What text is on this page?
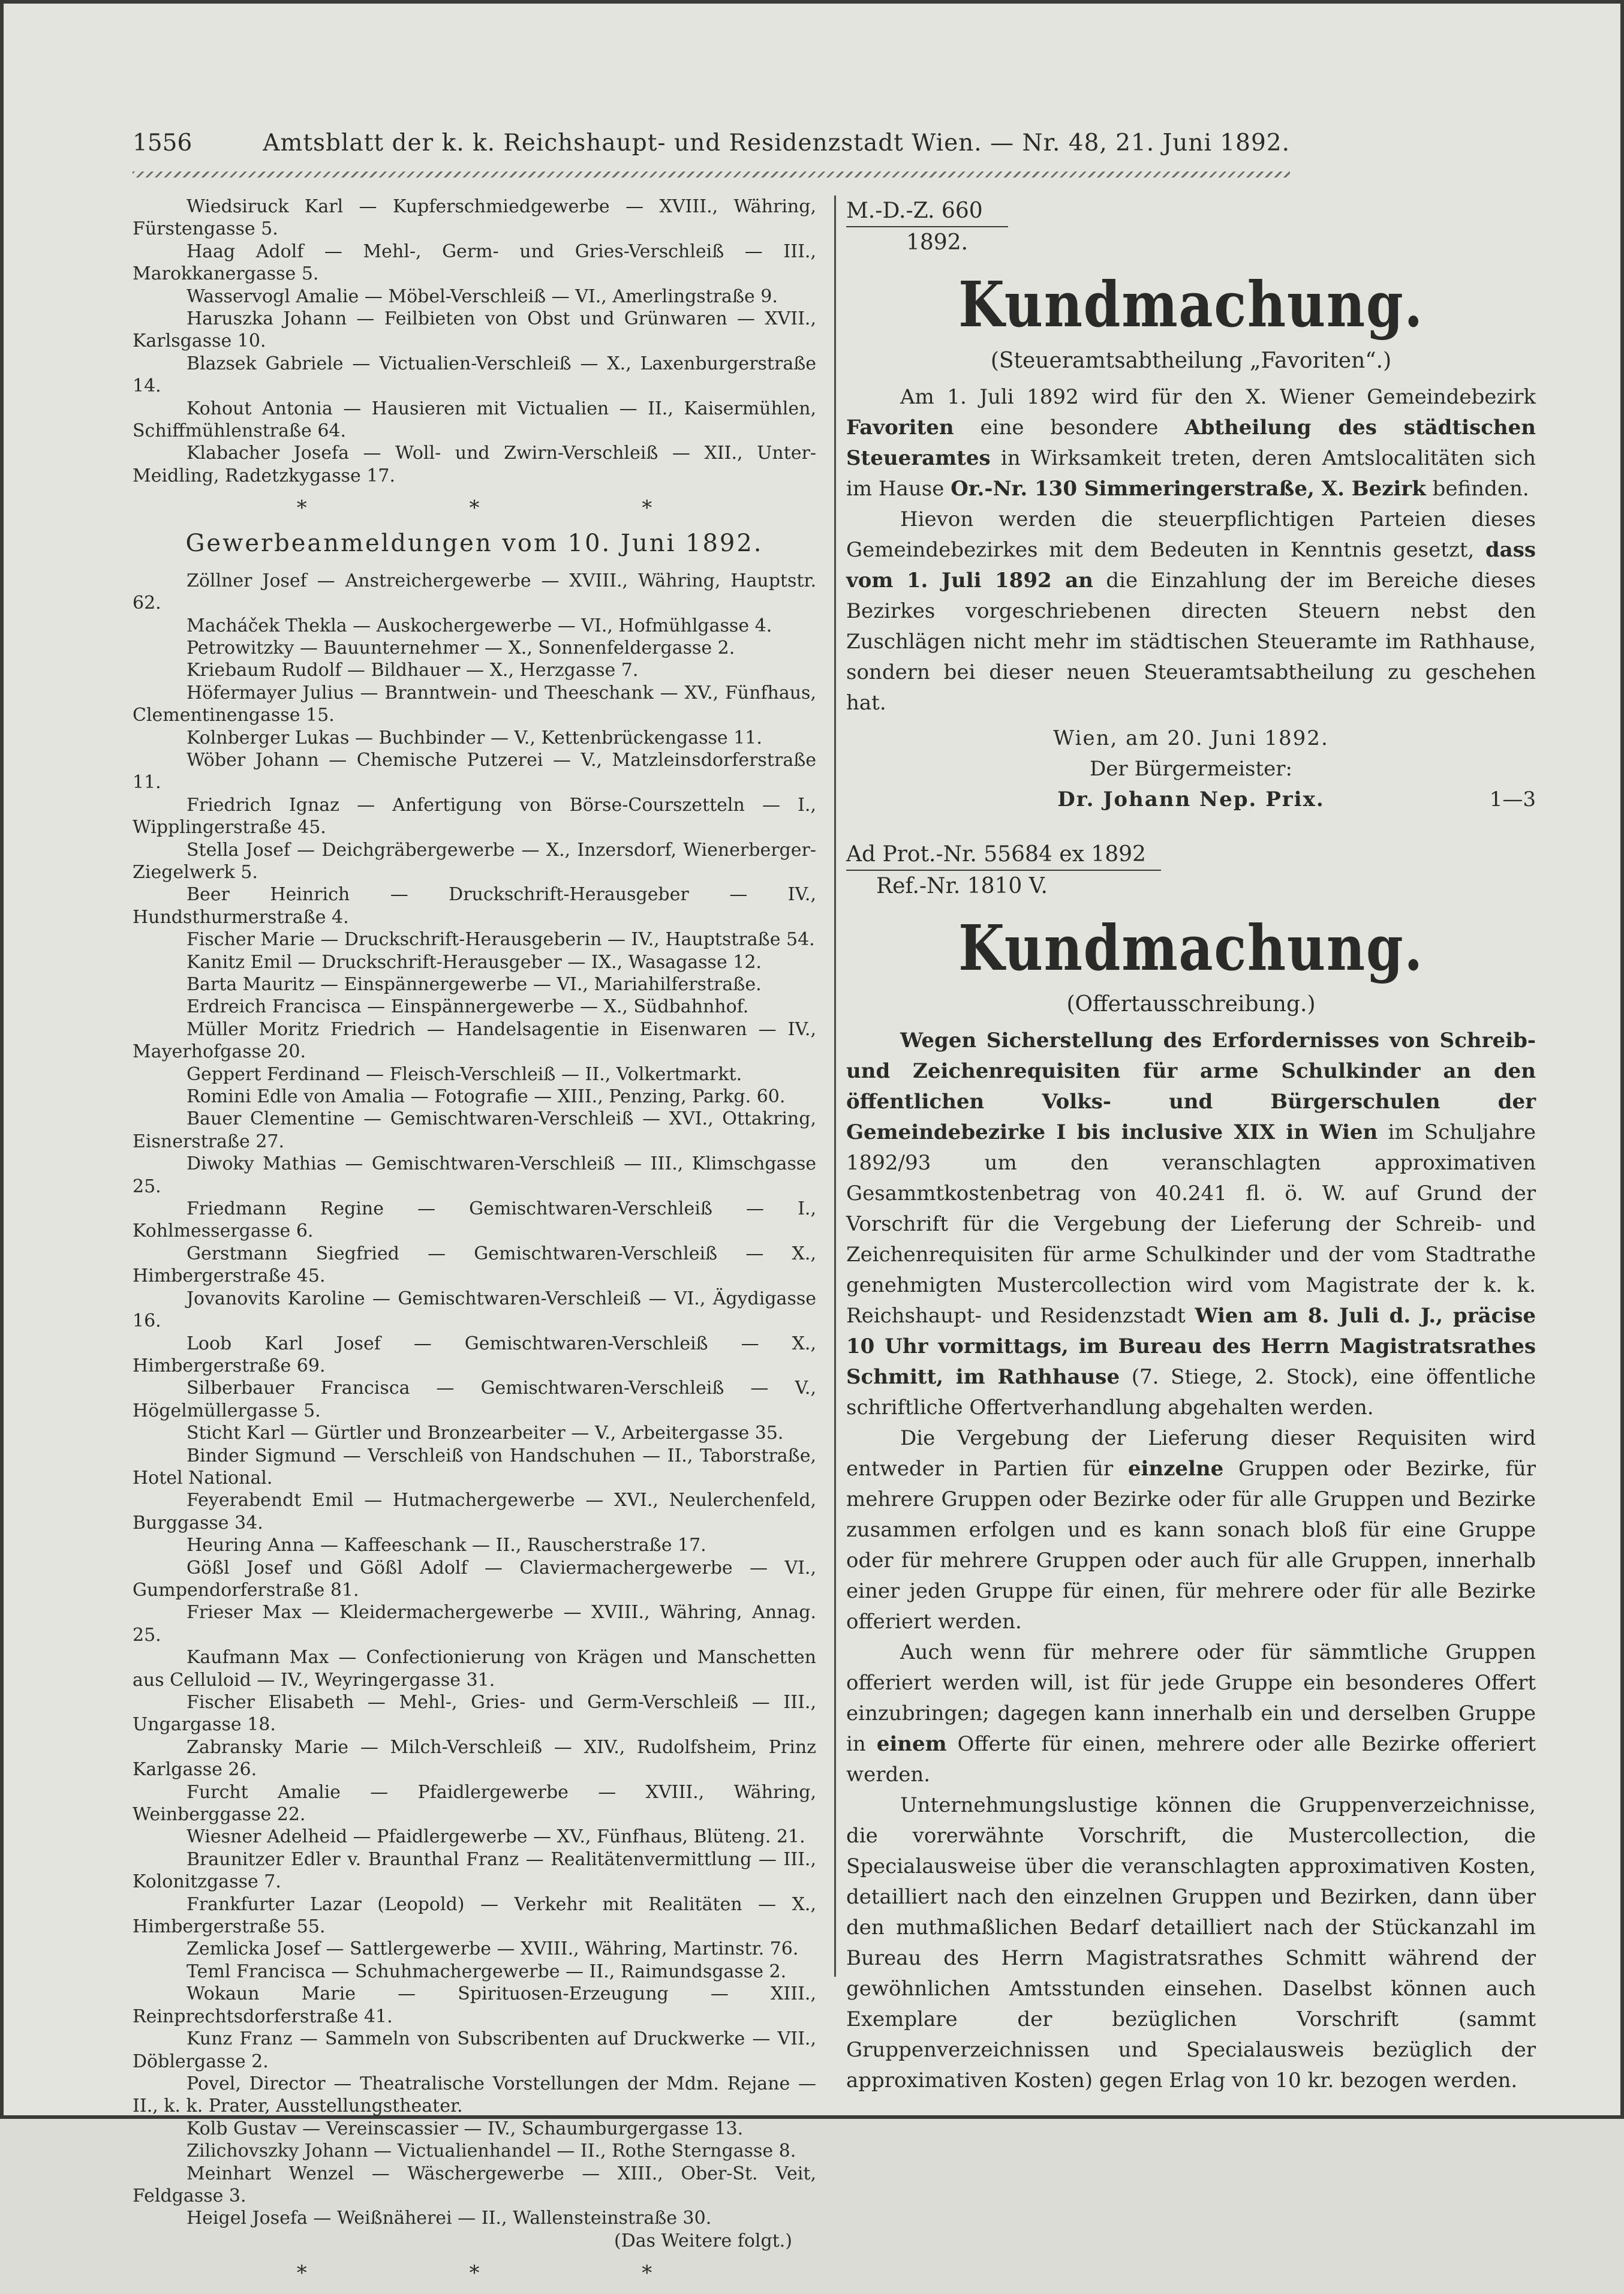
1556	Amtsblatt der k. k. Reichshaupt- und Residenzstadt Wien. — Nr. 48, 21. Juni 1892.

Wiedsiruck Karl — Kupferschmiedgewerbe — XVIII., Währing, Fürstengasse 5.

Haag Adolf — Mehl-, Germ- und Gries-Verschleiß — III., Marokkanergasse 5.

Wasservogl Amalie — Möbel-Verschleiß — VI., Amerlingstraße 9.

Haruszka Johann — Feilbieten von Obst und Grünwaren — XVII., Karlsgasse 10.

Blazsek Gabriele — Victualien-Verschleiß — X., Laxenburgerstraße 14.

Kohout Antonia — Hausieren mit Victualien — II., Kaisermühlen, Schiffmühlenstraße 64.

Klabacher Josefa — Woll- und Zwirn-Verschleiß — XII., Unter-Meidling, Radetzkygasse 17.

* * *
Gewerbeanmeldungen vom 10. Juni 1892.

Zöllner Josef — Anstreichergewerbe — XVIII., Währing, Hauptstr. 62.

Macháček Thekla — Auskochergewerbe — VI., Hofmühlgasse 4.

Petrowitzky — Bauunternehmer — X., Sonnenfeldergasse 2.

Kriebaum Rudolf — Bildhauer — X., Herzgasse 7.

Höfermayer Julius — Branntwein- und Theeschank — XV., Fünfhaus, Clementinengasse 15.

Kolnberger Lukas — Buchbinder — V., Kettenbrückengasse 11.

Wöber Johann — Chemische Putzerei — V., Matzleinsdorferstraße 11.

Friedrich Ignaz — Anfertigung von Börse-Courszetteln — I., Wipplingerstraße 45.

Stella Josef — Deichgräbergewerbe — X., Inzersdorf, Wienerberger-Ziegelwerk 5.

Beer Heinrich — Druckschrift-Herausgeber — IV., Hundsthurmerstraße 4.

Fischer Marie — Druckschrift-Herausgeberin — IV., Hauptstraße 54.

Kanitz Emil — Druckschrift-Herausgeber — IX., Wasagasse 12.

Barta Mauritz — Einspännergewerbe — VI., Mariahilferstraße.

Erdreich Francisca — Einspännergewerbe — X., Südbahnhof.

Müller Moritz Friedrich — Handelsagentie in Eisenwaren — IV., Mayerhofgasse 20.

Geppert Ferdinand — Fleisch-Verschleiß — II., Volkertmarkt.

Romini Edle von Amalia — Fotografie — XIII., Penzing, Parkg. 60.

Bauer Clementine — Gemischtwaren-Verschleiß — XVI., Ottakring, Eisnerstraße 27.

Diwoky Mathias — Gemischtwaren-Verschleiß — III., Klimschgasse 25.

Friedmann Regine — Gemischtwaren-Verschleiß — I., Kohlmessergasse 6.

Gerstmann Siegfried — Gemischtwaren-Verschleiß — X., Himbergerstraße 45.

Jovanovits Karoline — Gemischtwaren-Verschleiß — VI., Ägydigasse 16.

Loob Karl Josef — Gemischtwaren-Verschleiß — X., Himbergerstraße 69.

Silberbauer Francisca — Gemischtwaren-Verschleiß — V., Högelmüllergasse 5.

Sticht Karl — Gürtler und Bronzearbeiter — V., Arbeitergasse 35.

Binder Sigmund — Verschleiß von Handschuhen — II., Taborstraße, Hotel National.

Feyerabendt Emil — Hutmachergewerbe — XVI., Neulerchenfeld, Burggasse 34.

Heuring Anna — Kaffeeschank — II., Rauscherstraße 17.

Gößl Josef und Gößl Adolf — Claviermachergewerbe — VI., Gumpendorferstraße 81.

Frieser Max — Kleidermachergewerbe — XVIII., Währing, Annag. 25.

Kaufmann Max — Confectionierung von Krägen und Manschetten aus Celluloid — IV., Weyringergasse 31.

Fischer Elisabeth — Mehl-, Gries- und Germ-Verschleiß — III., Ungargasse 18.

Zabransky Marie — Milch-Verschleiß — XIV., Rudolfsheim, Prinz Karlgasse 26.

Furcht Amalie — Pfaidlergewerbe — XVIII., Währing, Weinberggasse 22.

Wiesner Adelheid — Pfaidlergewerbe — XV., Fünfhaus, Blüteng. 21.

Braunitzer Edler v. Braunthal Franz — Realitätenvermittlung — III., Kolonitzgasse 7.

Frankfurter Lazar (Leopold) — Verkehr mit Realitäten — X., Himbergerstraße 55.

Zemlicka Josef — Sattlergewerbe — XVIII., Währing, Martinstr. 76.

Teml Francisca — Schuhmachergewerbe — II., Raimundsgasse 2.

Wokaun Marie — Spirituosen-Erzeugung — XIII., Reinprechtsdorferstraße 41.

Kunz Franz — Sammeln von Subscribenten auf Druckwerke — VII., Döblergasse 2.

Povel, Director — Theatralische Vorstellungen der Mdm. Rejane — II., k. k. Prater, Ausstellungstheater.

Kolb Gustav — Vereinscassier — IV., Schaumburgergasse 13.

Zilichovszky Johann — Victualienhandel — II., Rothe Sterngasse 8.

Meinhart Wenzel — Wäschergewerbe — XIII., Ober-St. Veit, Feldgasse 3.

Heigel Josefa — Weißnäherei — II., Wallensteinstraße 30.

(Das Weitere folgt.)
* * *

M.-D.-Z. 660

1892.

Kundmachung.

(Steueramtsabtheilung „Favoriten“.)

Am 1. Juli 1892 wird für den X. Wiener Gemeindebezirk Favoriten eine besondere Abtheilung des städtischen Steueramtes in Wirksamkeit treten, deren Amtslocalitäten sich im Hause Or.-Nr. 130 Simmeringerstraße, X. Bezirk befinden.

Hievon werden die steuerpflichtigen Parteien dieses Gemeindebezirkes mit dem Bedeuten in Kenntnis gesetzt, dass vom 1. Juli 1892 an die Einzahlung der im Bereiche dieses Bezirkes vorgeschriebenen directen Steuern nebst den Zuschlägen nicht mehr im städtischen Steueramte im Rathhause, sondern bei dieser neuen Steueramtsabtheilung zu geschehen hat.

Wien, am 20. Juni 1892.

Der Bürgermeister:

Dr. Johann Nep. Prix.	1—3

Ad Prot.-Nr. 55684 ex 1892

Ref.-Nr. 1810 V.

Kundmachung.

(Offertausschreibung.)

Wegen Sicherstellung des Erfordernisses von Schreib- und Zeichenrequisiten für arme Schulkinder an den öffentlichen Volks- und Bürgerschulen der Gemeindebezirke I bis inclusive XIX in Wien im Schuljahre 1892/93 um den veranschlagten approximativen Gesammtkostenbetrag von 40.241 fl. ö. W. auf Grund der Vorschrift für die Vergebung der Lieferung der Schreib- und Zeichenrequisiten für arme Schulkinder und der vom Stadtrathe genehmigten Mustercollection wird vom Magistrate der k. k. Reichshaupt- und Residenzstadt Wien am 8. Juli d. J., präcise 10 Uhr vormittags, im Bureau des Herrn Magistratsrathes Schmitt, im Rathhause (7. Stiege, 2. Stock), eine öffentliche schriftliche Offertverhandlung abgehalten werden.

Die Vergebung der Lieferung dieser Requisiten wird entweder in Partien für einzelne Gruppen oder Bezirke, für mehrere Gruppen oder Bezirke oder für alle Gruppen und Bezirke zusammen erfolgen und es kann sonach bloß für eine Gruppe oder für mehrere Gruppen oder auch für alle Gruppen, innerhalb einer jeden Gruppe für einen, für mehrere oder für alle Bezirke offeriert werden.

Auch wenn für mehrere oder für sämmtliche Gruppen offeriert werden will, ist für jede Gruppe ein besonderes Offert einzubringen; dagegen kann innerhalb ein und derselben Gruppe in einem Offerte für einen, mehrere oder alle Bezirke offeriert werden.

Unternehmungslustige können die Gruppenverzeichnisse, die vorerwähnte Vorschrift, die Mustercollection, die Specialausweise über die veranschlagten approximativen Kosten, detailliert nach den einzelnen Gruppen und Bezirken, dann über den muthmaßlichen Bedarf detailliert nach der Stückanzahl im Bureau des Herrn Magistratsrathes Schmitt während der gewöhnlichen Amtsstunden einsehen. Daselbst können auch Exemplare der bezüglichen Vorschrift (sammt Gruppenverzeichnissen und Specialausweis bezüglich der approximativen Kosten) gegen Erlag von 10 kr. bezogen werden.
